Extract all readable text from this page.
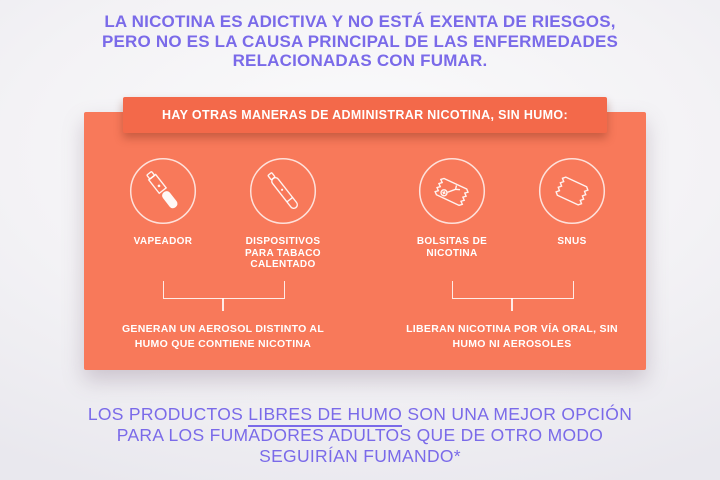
LA NICOTINA ES ADICTIVA Y NO ESTÁ EXENTA DE RIESGOS,
PERO NO ES LA CAUSA PRINCIPAL DE LAS ENFERMEDADES
RELACIONADAS CON FUMAR.
HAY OTRAS MANERAS DE ADMINISTRAR NICOTINA, SIN HUMO:
VAPEADOR	DISPOSITIVOS
PARA TABACO
CALENTADO
BOLSITAS DE
NICOTINA
SNUS
GENERAN UN AEROSOL DISTINTO AL
HUMO QUE CONTIENE NICOTINA
LIBERAN NICOTINA POR VÍA ORAL, SIN
HUMO NI AEROSOLES
LOS PRODUCTOS LIBRES DE HUMO SON UNA MEJOR OPCIÓN
PARA LOS FUMADORES ADULTOS QUE DE OTRO MODO
SEGUIRÍAN FUMANDO*
